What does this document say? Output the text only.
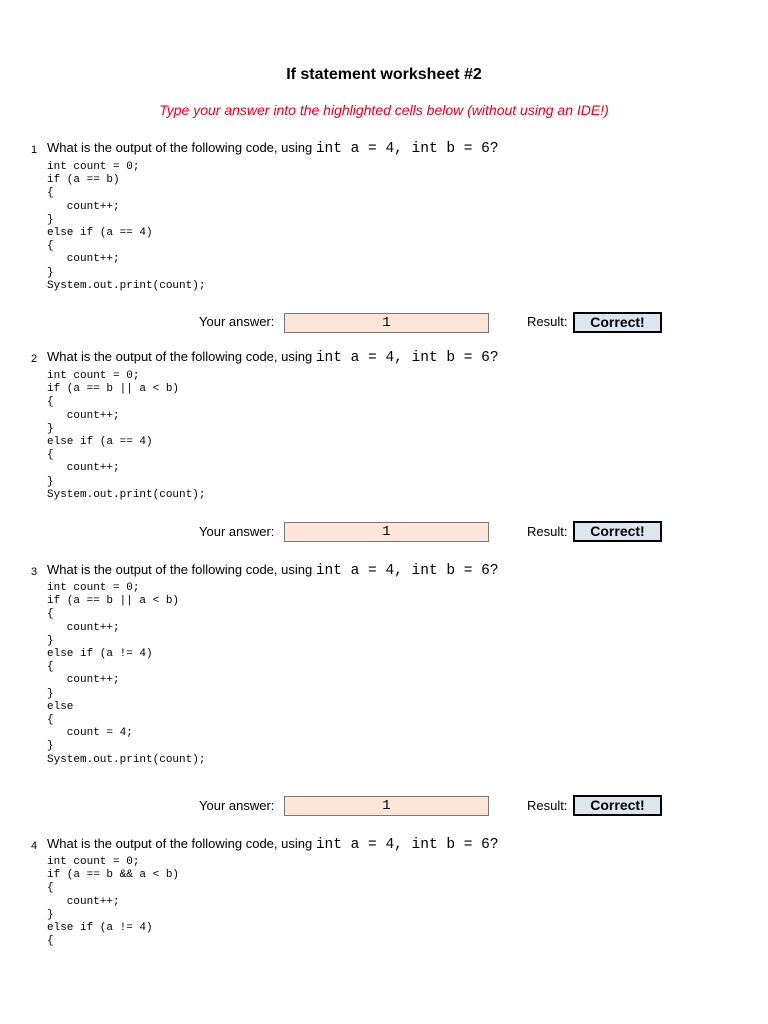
If statement worksheet #2
Type your answer into the highlighted cells below (without using an IDE!)
1 What is the output of the following code, using int a = 4, int b = 6?
int count = 0;
if (a == b)
{
count++;
}
else if (a == 4)
{
count++;
}
System.out.print(count);
Your answer:	1	Result:	Correct!
2 What is the output of the following code, using int a = 4, int b = 6?
int count = 0;
if (a == b || a < b)
{
count++;
}
else if (a == 4)
{
count++;
}
System.out.print(count);
Your answer:	1	Result:	Correct!
3 What is the output of the following code, using int a = 4, int b = 6?
int count = 0;
if (a == b || a < b)
{
count++;
}
else if (a != 4)
{
count++;
}
else
{
count = 4;
}
System.out.print(count);
Your answer:	1	Result:	Correct!
4 What is the output of the following code, using int a = 4, int b = 6?
int count = 0;
if (a == b && a < b)
{
count++;
}
else if (a != 4)
{
